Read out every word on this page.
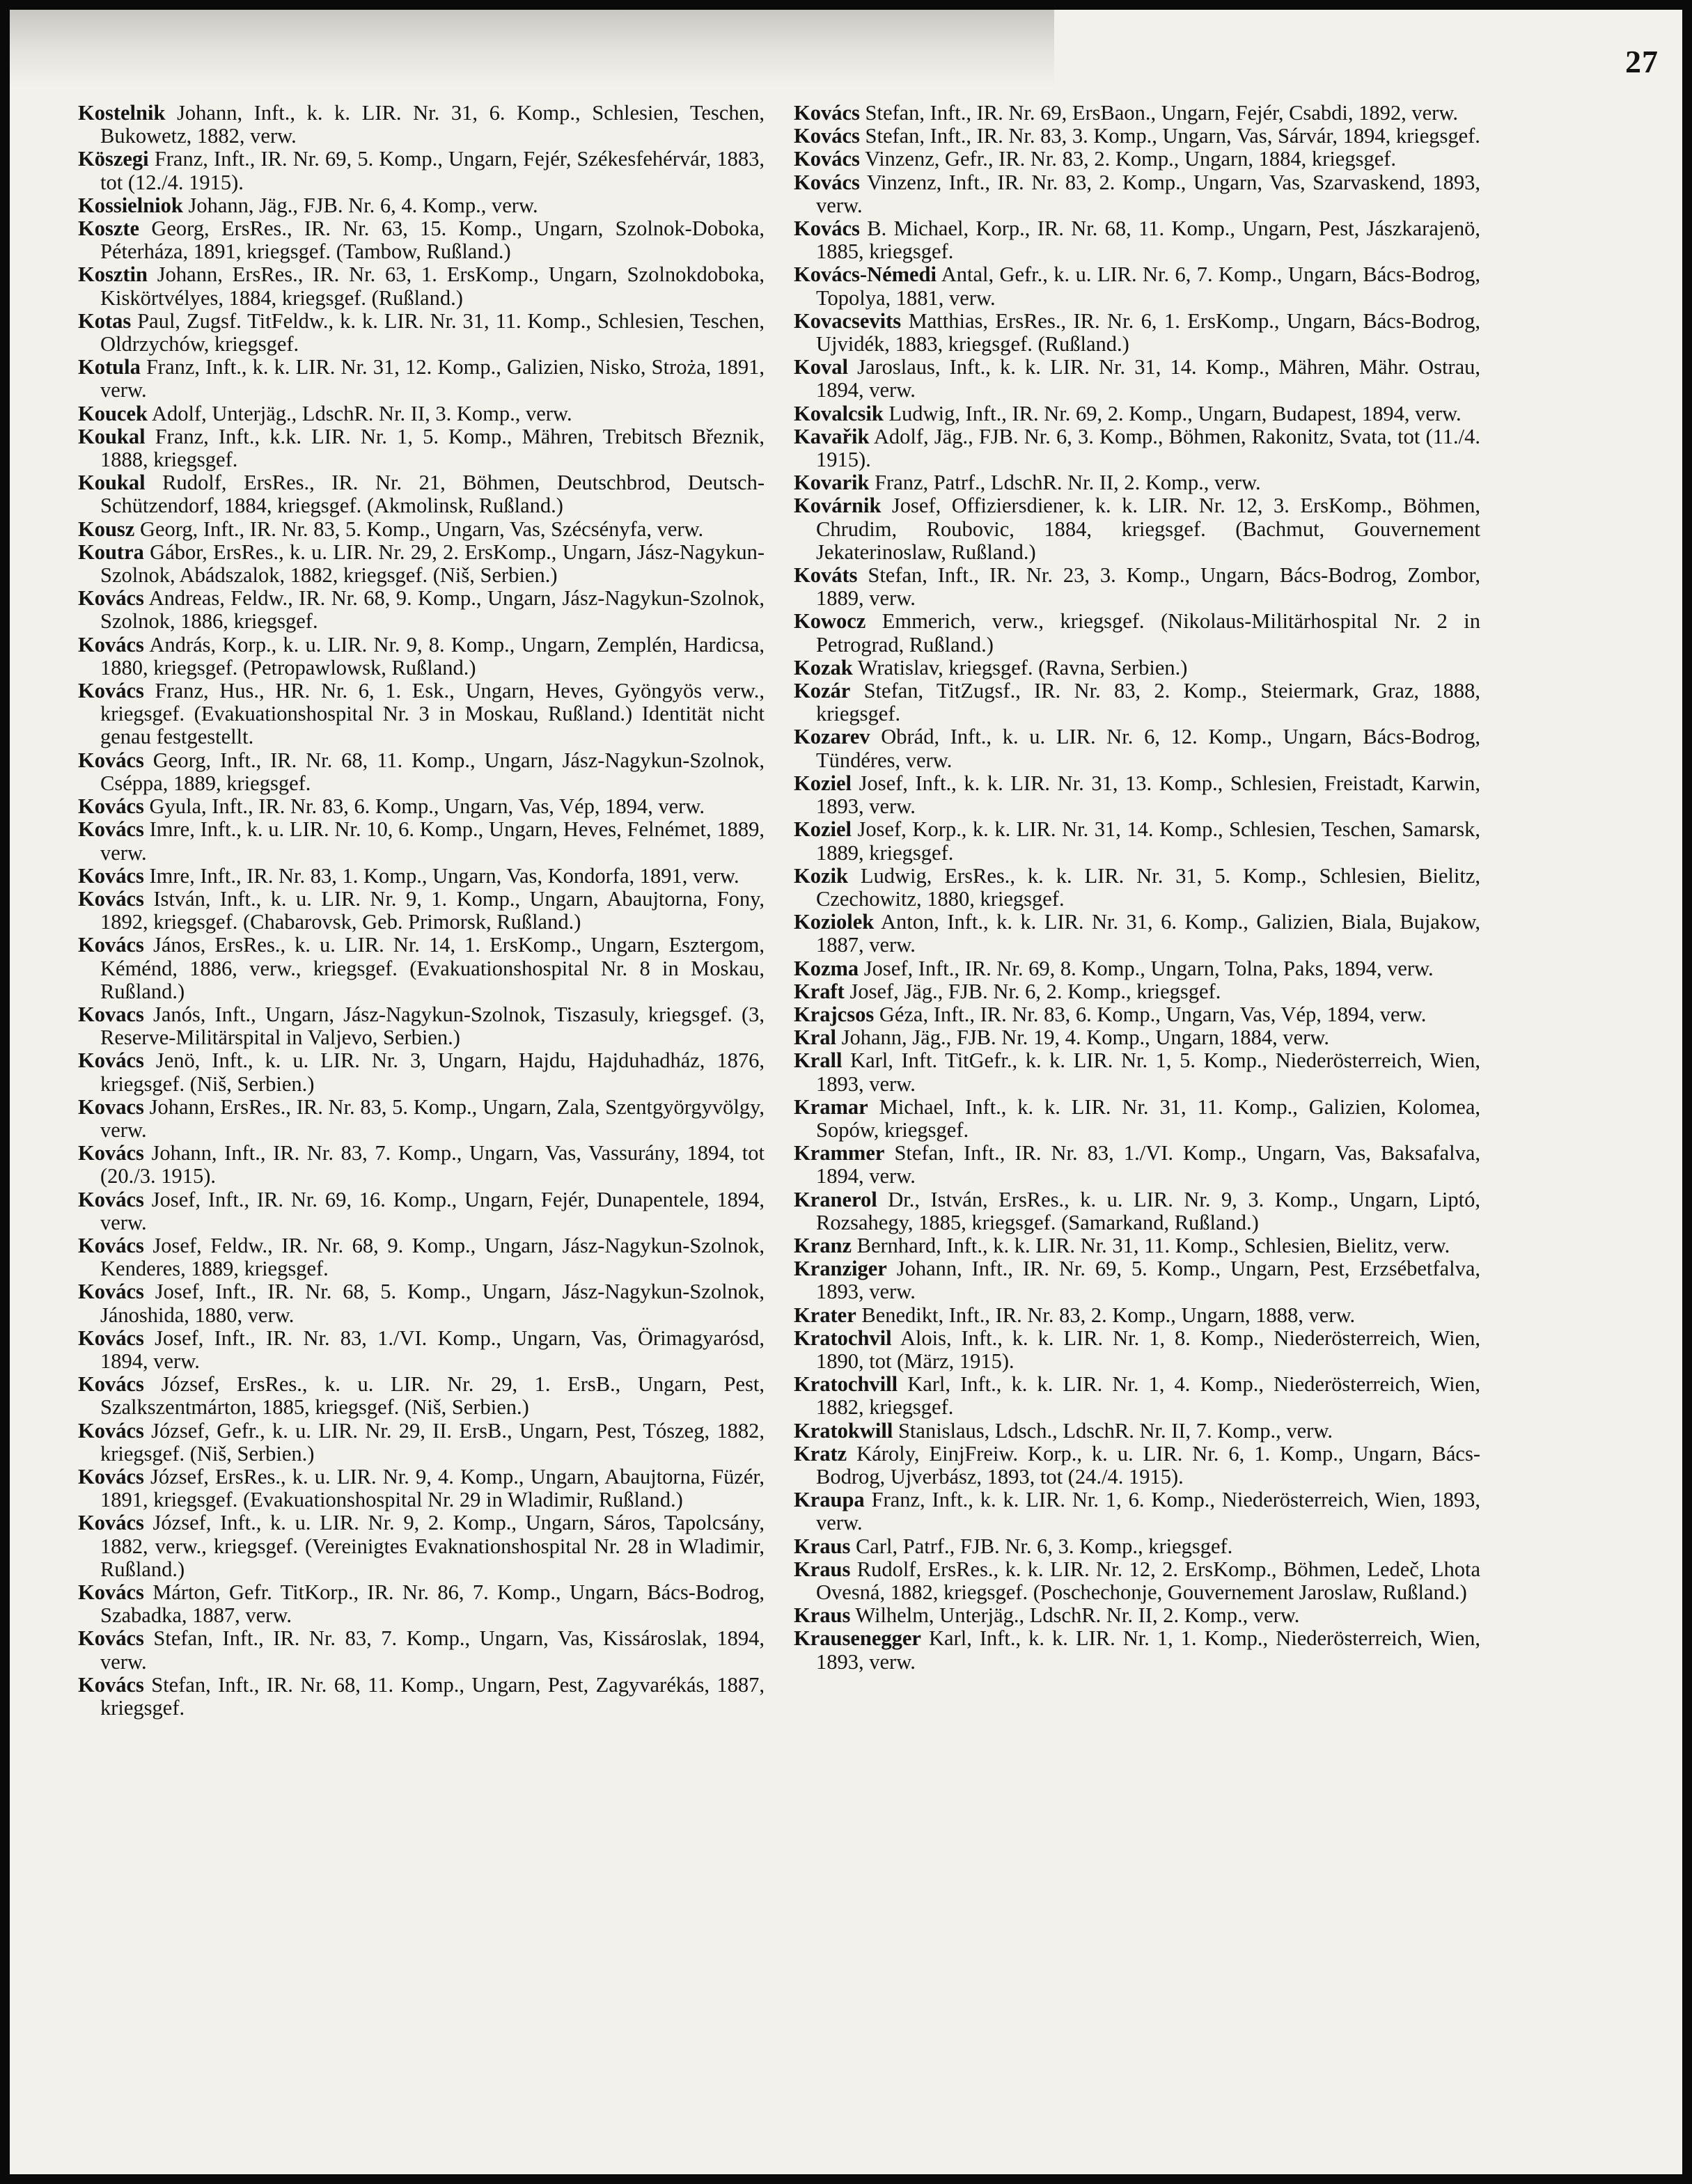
27
Kostelnik Johann, Inft., k. k. LIR. Nr. 31, 6. Komp., Schlesien, Teschen, Bukowetz, 1882, verw.
Köszegi Franz, Inft., IR. Nr. 69, 5. Komp., Ungarn, Fejér, Székesfehérvár, 1883, tot (12./4. 1915).
Kossielniok Johann, Jäg., FJB. Nr. 6, 4. Komp., verw.
Koszte Georg, ErsRes., IR. Nr. 63, 15. Komp., Ungarn, Szolnok-Doboka, Péterháza, 1891, kriegsgef. (Tambow, Rußland.)
Kosztin Johann, ErsRes., IR. Nr. 63, 1. ErsKomp., Ungarn, Szolnokdoboka, Kiskörtvélyes, 1884, kriegsgef. (Rußland.)
Kotas Paul, Zugsf. TitFeldw., k. k. LIR. Nr. 31, 11. Komp., Schlesien, Teschen, Oldrzychów, kriegsgef.
Kotula Franz, Inft., k. k. LIR. Nr. 31, 12. Komp., Galizien, Nisko, Stroża, 1891, verw.
Koucek Adolf, Unterjäg., LdschR. Nr. II, 3. Komp., verw.
Koukal Franz, Inft., k.k. LIR. Nr. 1, 5. Komp., Mähren, Trebitsch Březnik, 1888, kriegsgef.
Koukal Rudolf, ErsRes., IR. Nr. 21, Böhmen, Deutschbrod, Deutsch-Schützendorf, 1884, kriegsgef. (Akmolinsk, Rußland.)
Kousz Georg, Inft., IR. Nr. 83, 5. Komp., Ungarn, Vas, Szécsényfa, verw.
Koutra Gábor, ErsRes., k. u. LIR. Nr. 29, 2. ErsKomp., Ungarn, Jász-Nagykun-Szolnok, Abádszalok, 1882, kriegsgef. (Niš, Serbien.)
Kovács Andreas, Feldw., IR. Nr. 68, 9. Komp., Ungarn, Jász-Nagykun-Szolnok, Szolnok, 1886, kriegsgef.
Kovács András, Korp., k. u. LIR. Nr. 9, 8. Komp., Ungarn, Zemplén, Hardicsa, 1880, kriegsgef. (Petropawlowsk, Rußland.)
Kovács Franz, Hus., HR. Nr. 6, 1. Esk., Ungarn, Heves, Gyöngyös verw., kriegsgef. (Evakuationshospital Nr. 3 in Moskau, Rußland.) Identität nicht genau festgestellt.
Kovács Georg, Inft., IR. Nr. 68, 11. Komp., Ungarn, Jász-Nagykun-Szolnok, Cséppa, 1889, kriegsgef.
Kovács Gyula, Inft., IR. Nr. 83, 6. Komp., Ungarn, Vas, Vép, 1894, verw.
Kovács Imre, Inft., k. u. LIR. Nr. 10, 6. Komp., Ungarn, Heves, Felnémet, 1889, verw.
Kovács Imre, Inft., IR. Nr. 83, 1. Komp., Ungarn, Vas, Kondorfa, 1891, verw.
Kovács István, Inft., k. u. LIR. Nr. 9, 1. Komp., Ungarn, Abaujtorna, Fony, 1892, kriegsgef. (Chabarovsk, Geb. Primorsk, Rußland.)
Kovács János, ErsRes., k. u. LIR. Nr. 14, 1. ErsKomp., Ungarn, Esztergom, Kéménd, 1886, verw., kriegsgef. (Evakuationshospital Nr. 8 in Moskau, Rußland.)
Kovacs Janós, Inft., Ungarn, Jász-Nagykun-Szolnok, Tiszasuly, kriegsgef. (3, Reserve-Militärspital in Valjevo, Serbien.)
Kovács Jenö, Inft., k. u. LIR. Nr. 3, Ungarn, Hajdu, Hajduhadház, 1876, kriegsgef. (Niš, Serbien.)
Kovacs Johann, ErsRes., IR. Nr. 83, 5. Komp., Ungarn, Zala, Szentgyörgyvölgy, verw.
Kovács Johann, Inft., IR. Nr. 83, 7. Komp., Ungarn, Vas, Vassurány, 1894, tot (20./3. 1915).
Kovács Josef, Inft., IR. Nr. 69, 16. Komp., Ungarn, Fejér, Dunapentele, 1894, verw.
Kovács Josef, Feldw., IR. Nr. 68, 9. Komp., Ungarn, Jász-Nagykun-Szolnok, Kenderes, 1889, kriegsgef.
Kovács Josef, Inft., IR. Nr. 68, 5. Komp., Ungarn, Jász-Nagykun-Szolnok, Jánoshida, 1880, verw.
Kovács Josef, Inft., IR. Nr. 83, 1./VI. Komp., Ungarn, Vas, Örimagyarósd, 1894, verw.
Kovács József, ErsRes., k. u. LIR. Nr. 29, 1. ErsB., Ungarn, Pest, Szalkszentmárton, 1885, kriegsgef. (Niš, Serbien.)
Kovács József, Gefr., k. u. LIR. Nr. 29, II. ErsB., Ungarn, Pest, Tószeg, 1882, kriegsgef. (Niš, Serbien.)
Kovács József, ErsRes., k. u. LIR. Nr. 9, 4. Komp., Ungarn, Abaujtorna, Füzér, 1891, kriegsgef. (Evakuationshospital Nr. 29 in Wladimir, Rußland.)
Kovács József, Inft., k. u. LIR. Nr. 9, 2. Komp., Ungarn, Sáros, Tapolcsány, 1882, verw., kriegsgef. (Vereinigtes Evaknationshospital Nr. 28 in Wladimir, Rußland.)
Kovács Márton, Gefr. TitKorp., IR. Nr. 86, 7. Komp., Ungarn, Bács-Bodrog, Szabadka, 1887, verw.
Kovács Stefan, Inft., IR. Nr. 83, 7. Komp., Ungarn, Vas, Kissároslak, 1894, verw.
Kovács Stefan, Inft., IR. Nr. 68, 11. Komp., Ungarn, Pest, Zagyvarékás, 1887, kriegsgef.
Kovács Stefan, Inft., IR. Nr. 69, ErsBaon., Ungarn, Fejér, Csabdi, 1892, verw.
Kovács Stefan, Inft., IR. Nr. 83, 3. Komp., Ungarn, Vas, Sárvár, 1894, kriegsgef.
Kovács Vinzenz, Gefr., IR. Nr. 83, 2. Komp., Ungarn, 1884, kriegsgef.
Kovács Vinzenz, Inft., IR. Nr. 83, 2. Komp., Ungarn, Vas, Szarvaskend, 1893, verw.
Kovács B. Michael, Korp., IR. Nr. 68, 11. Komp., Ungarn, Pest, Jászkarajenö, 1885, kriegsgef.
Kovács-Némedi Antal, Gefr., k. u. LIR. Nr. 6, 7. Komp., Ungarn, Bács-Bodrog, Topolya, 1881, verw.
Kovacsevits Matthias, ErsRes., IR. Nr. 6, 1. ErsKomp., Ungarn, Bács-Bodrog, Ujvidék, 1883, kriegsgef. (Rußland.)
Koval Jaroslaus, Inft., k. k. LIR. Nr. 31, 14. Komp., Mähren, Mähr. Ostrau, 1894, verw.
Kovalcsik Ludwig, Inft., IR. Nr. 69, 2. Komp., Ungarn, Budapest, 1894, verw.
Kavařik Adolf, Jäg., FJB. Nr. 6, 3. Komp., Böhmen, Rakonitz, Svata, tot (11./4. 1915).
Kovarik Franz, Patrf., LdschR. Nr. II, 2. Komp., verw.
Kovárnik Josef, Offiziersdiener, k. k. LIR. Nr. 12, 3. ErsKomp., Böhmen, Chrudim, Roubovic, 1884, kriegsgef. (Bachmut, Gouvernement Jekaterinoslaw, Rußland.)
Kováts Stefan, Inft., IR. Nr. 23, 3. Komp., Ungarn, Bács-Bodrog, Zombor, 1889, verw.
Kowocz Emmerich, verw., kriegsgef. (Nikolaus-Militärhospital Nr. 2 in Petrograd, Rußland.)
Kozak Wratislav, kriegsgef. (Ravna, Serbien.)
Kozár Stefan, TitZugsf., IR. Nr. 83, 2. Komp., Steiermark, Graz, 1888, kriegsgef.
Kozarev Obrád, Inft., k. u. LIR. Nr. 6, 12. Komp., Ungarn, Bács-Bodrog, Tündéres, verw.
Koziel Josef, Inft., k. k. LIR. Nr. 31, 13. Komp., Schlesien, Freistadt, Karwin, 1893, verw.
Koziel Josef, Korp., k. k. LIR. Nr. 31, 14. Komp., Schlesien, Teschen, Samarsk, 1889, kriegsgef.
Kozik Ludwig, ErsRes., k. k. LIR. Nr. 31, 5. Komp., Schlesien, Bielitz, Czechowitz, 1880, kriegsgef.
Koziolek Anton, Inft., k. k. LIR. Nr. 31, 6. Komp., Galizien, Biala, Bujakow, 1887, verw.
Kozma Josef, Inft., IR. Nr. 69, 8. Komp., Ungarn, Tolna, Paks, 1894, verw.
Kraft Josef, Jäg., FJB. Nr. 6, 2. Komp., kriegsgef.
Krajcsos Géza, Inft., IR. Nr. 83, 6. Komp., Ungarn, Vas, Vép, 1894, verw.
Kral Johann, Jäg., FJB. Nr. 19, 4. Komp., Ungarn, 1884, verw.
Krall Karl, Inft. TitGefr., k. k. LIR. Nr. 1, 5. Komp., Niederösterreich, Wien, 1893, verw.
Kramar Michael, Inft., k. k. LIR. Nr. 31, 11. Komp., Galizien, Kolomea, Sopów, kriegsgef.
Krammer Stefan, Inft., IR. Nr. 83, 1./VI. Komp., Ungarn, Vas, Baksafalva, 1894, verw.
Kranerol Dr., István, ErsRes., k. u. LIR. Nr. 9, 3. Komp., Ungarn, Liptó, Rozsahegy, 1885, kriegsgef. (Samarkand, Rußland.)
Kranz Bernhard, Inft., k. k. LIR. Nr. 31, 11. Komp., Schlesien, Bielitz, verw.
Kranziger Johann, Inft., IR. Nr. 69, 5. Komp., Ungarn, Pest, Erzsébetfalva, 1893, verw.
Krater Benedikt, Inft., IR. Nr. 83, 2. Komp., Ungarn, 1888, verw.
Kratochvil Alois, Inft., k. k. LIR. Nr. 1, 8. Komp., Niederösterreich, Wien, 1890, tot (März, 1915).
Kratochvill Karl, Inft., k. k. LIR. Nr. 1, 4. Komp., Niederösterreich, Wien, 1882, kriegsgef.
Kratokwill Stanislaus, Ldsch., LdschR. Nr. II, 7. Komp., verw.
Kratz Károly, EinjFreiw. Korp., k. u. LIR. Nr. 6, 1. Komp., Ungarn, Bács-Bodrog, Ujverbász, 1893, tot (24./4. 1915).
Kraupa Franz, Inft., k. k. LIR. Nr. 1, 6. Komp., Niederösterreich, Wien, 1893, verw.
Kraus Carl, Patrf., FJB. Nr. 6, 3. Komp., kriegsgef.
Kraus Rudolf, ErsRes., k. k. LIR. Nr. 12, 2. ErsKomp., Böhmen, Ledeč, Lhota Ovesná, 1882, kriegsgef. (Poschechonje, Gouvernement Jaroslaw, Rußland.)
Kraus Wilhelm, Unterjäg., LdschR. Nr. II, 2. Komp., verw.
Krausenegger Karl, Inft., k. k. LIR. Nr. 1, 1. Komp., Niederösterreich, Wien, 1893, verw.
